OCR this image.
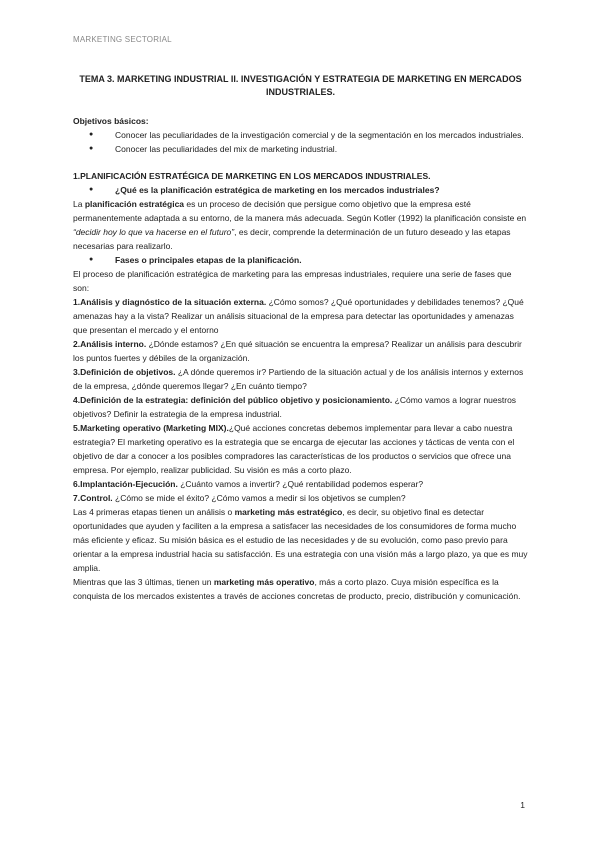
MARKETING SECTORIAL
TEMA 3. MARKETING INDUSTRIAL II. INVESTIGACIÓN Y ESTRATEGIA DE MARKETING EN MERCADOS INDUSTRIALES.

Objetivos básicos:

● Conocer las peculiaridades de la investigación comercial y de la segmentación en los mercados industriales.
● Conocer las peculiaridades del mix de marketing industrial.

1.PLANIFICACIÓN ESTRATÉGICA DE MARKETING EN LOS MERCADOS INDUSTRIALES.

● ¿Qué es la planificación estratégica de marketing en los mercados industriales?

La planificación estratégica es un proceso de decisión que persigue como objetivo que la empresa esté permanentemente adaptada a su entorno, de la manera más adecuada. Según Kotler (1992) la planificación consiste en “decidir hoy lo que va hacerse en el futuro”, es decir, comprende la determinación de un futuro deseado y las etapas necesarias para realizarlo.

● Fases o principales etapas de la planificación.

El proceso de planificación estratégica de marketing para las empresas industriales, requiere una serie de fases que son:

1.Análisis y diagnóstico de la situación externa. ¿Cómo somos? ¿Qué oportunidades y debilidades tenemos? ¿Qué amenazas hay a la vista? Realizar un análisis situacional de la empresa para detectar las oportunidades y amenazas que presentan el mercado y el entorno

2.Análisis interno. ¿Dónde estamos? ¿En qué situación se encuentra la empresa? Realizar un análisis para descubrir los puntos fuertes y débiles de la organización.

3.Definición de objetivos. ¿A dónde queremos ir? Partiendo de la situación actual y de los análisis internos y externos de la empresa, ¿dónde queremos llegar? ¿En cuánto tiempo?

4.Definición de la estrategia: definición del público objetivo y posicionamiento. ¿Cómo vamos a lograr nuestros objetivos? Definir la estrategia de la empresa industrial.

5.Marketing operativo (Marketing MIX).¿Qué acciones concretas debemos implementar para llevar a cabo nuestra estrategia? El marketing operativo es la estrategia que se encarga de ejecutar las acciones y tácticas de venta con el objetivo de dar a conocer a los posibles compradores las características de los productos o servicios que ofrece una empresa. Por ejemplo, realizar publicidad. Su visión es más a corto plazo.

6.Implantación-Ejecución. ¿Cuánto vamos a invertir? ¿Qué rentabilidad podemos esperar?

7.Control. ¿Cómo se mide el éxito? ¿Cómo vamos a medir si los objetivos se cumplen?

Las 4 primeras etapas tienen un análisis o marketing más estratégico, es decir, su objetivo final es detectar oportunidades que ayuden y faciliten a la empresa a satisfacer las necesidades de los consumidores de forma mucho más eficiente y eficaz. Su misión básica es el estudio de las necesidades y de su evolución, como paso previo para orientar a la empresa industrial hacia su satisfacción. Es una estrategia con una visión más a largo plazo, ya que es muy amplia.

Mientras que las 3 últimas, tienen un marketing más operativo, más a corto plazo. Cuya misión específica es la conquista de los mercados existentes a través de acciones concretas de producto, precio, distribución y comunicación.

1
